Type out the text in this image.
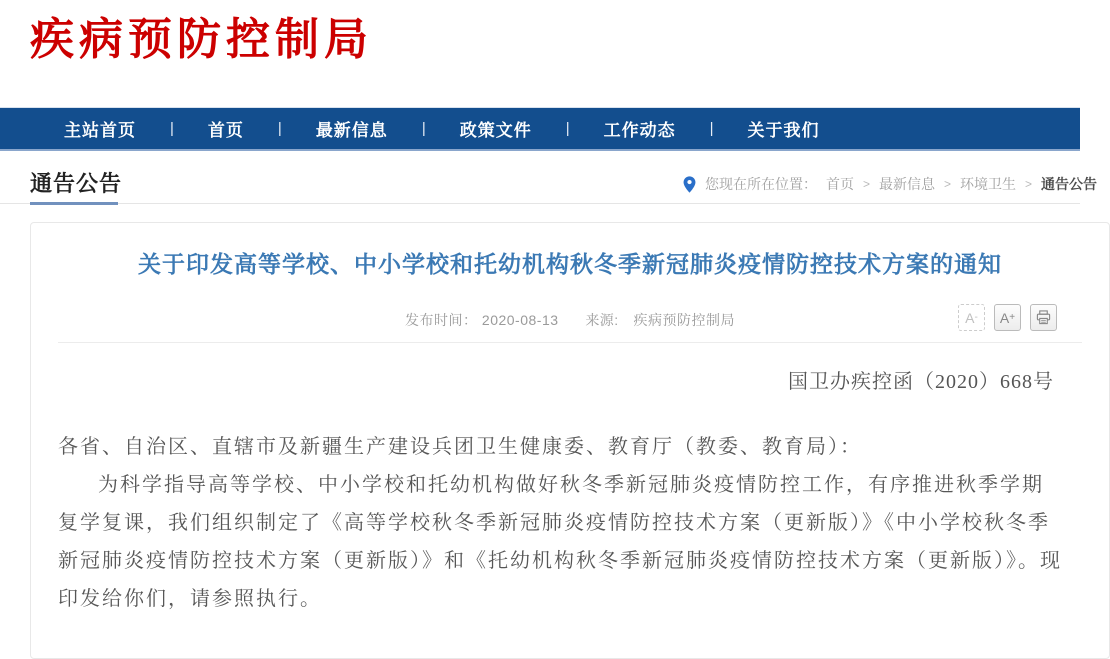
疾病预防控制局
主站首页 | 首页 | 最新信息 | 政策文件 | 工作动态 | 关于我们
通告公告	您现在所在位置： 首页 > 最新信息 > 环境卫生 > 通告公告
关于印发高等学校、中小学校和托幼机构秋冬季新冠肺炎疫情防控技术方案的通知
发布时间： 2020-08-13 来源: 疾病预防控制局	A - A +

国卫办疾控函（2020）668号

各省、自治区、直辖市及新疆生产建设兵团卫生健康委、教育厅（教委、教育局）：

为科学指导高等学校、中小学校和托幼机构做好秋冬季新冠肺炎疫情防控工作，有序推进秋季学期复学复课，我们组织制定了《高等学校秋冬季新冠肺炎疫情防控技术方案（更新版）》《中小学校秋冬季新冠肺炎疫情防控技术方案（更新版）》和《托幼机构秋冬季新冠肺炎疫情防控技术方案（更新版）》。现印发给你们，请参照执行。
